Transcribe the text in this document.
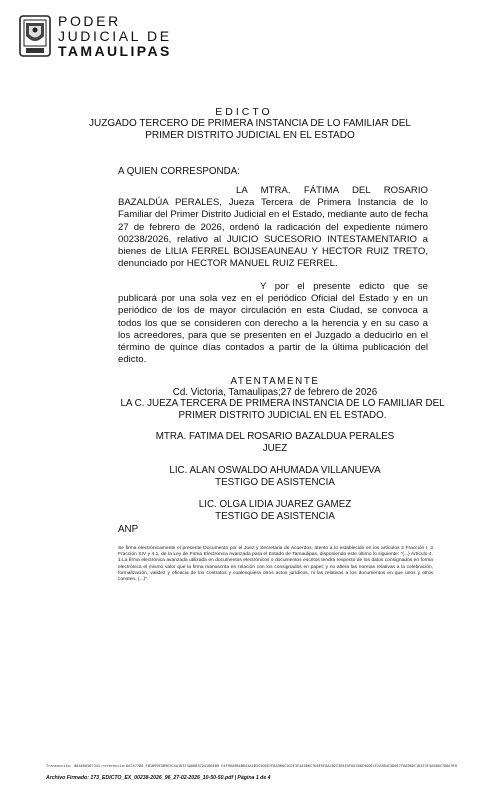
PODER
JUDICIAL DE
TAMAULIPAS
EDICTO
JUZGADO TERCERO DE PRIMERA INSTANCIA DE LO FAMILIAR DEL
PRIMER DISTRITO JUDICIAL EN EL ESTADO
A QUIEN CORRESPONDA:
LA MTRA. FÁTIMA DEL ROSARIO BAZALDÚA PERALES, Jueza Tercera de Primera Instancia de lo Familiar del Primer Distrito Judicial en el Estado, mediante auto de fecha 27 de febrero de 2026, ordenó la radicación del expediente número 00238/2026, relativo al JUICIO SUCESORIO INTESTAMENTARIO a bienes de LILIA FERREL BOIJSEAUNEAU Y HECTOR RUIZ TRETO, denunciado por HECTOR MANUEL RUIZ FERREL.
Y por el presente edicto que se publicará por una sola vez en el periódico Oficial del Estado y en un periódico de los de mayor circulación en esta Ciudad, se convoca a todos los que se consideren con derecho a la herencia y en su caso a los acreedores, para que se presenten en el Juzgado a deducirlo en el término de quince días contados a partir de la última publicación del edicto.
ATENTAMENTE
Cd. Victoria, Tamaulipas;27 de febrero de 2026
LA C. JUEZA TERCERA DE PRIMERA INSTANCIA DE LO FAMILIAR DEL
PRIMER DISTRITO JUDICIAL EN EL ESTADO.
MTRA. FATIMA DEL ROSARIO BAZALDUA PERALES
JUEZ
LIC. ALAN OSWALDO AHUMADA VILLANUEVA
TESTIGO DE ASISTENCIA
LIC. OLGA LIDIA JUAREZ GAMEZ
TESTIGO DE ASISTENCIA
ANP
Se firma electrónicamente el presente Documento por el Juez y Secretaria de Acuerdos, atento a lo establecido en los artículos 2 Fracción I, 3 Fracción XIV y 4.1, de la Ley de Firma Electrónica Avanzada para el Estado de Tamaulipas, disponiendo este último lo siguiente: "(...) Artículo 4. 1.La firma electrónica avanzada utilizada en documentos electrónicos o documentos escritos tendrá respecto de los datos consignados en forma electrónica el mismo valor que la firma manuscrita en relación con los consignados en papel; y no altera las normas relativas a la celebración, formalización, validez y eficacia de los contratos y cualesquiera otros actos jurídicos, ni las relativas a los documentos en que unos y otros consten. (...)".
Transacción: 884696567341;referencia:6A7A77B8 FB1B99E3B9E5C4A1D3F4A66B3C2A1B6E88 E4F96A9B4BD44A1B3C5D6E7F8A9B0C1D2E3F4A5B6C7D8E9F0A1B2C3D4E5F6A7B8C9D0E1F2A3B4C5D6E7F8A9B0C1D2E3F4A5B6C7D8E9F0
Archivo Firmado: 173_EDICTO_EX_00238-2026_96_27-02-2026_10-50-50.pdf | Página 1 de 4
